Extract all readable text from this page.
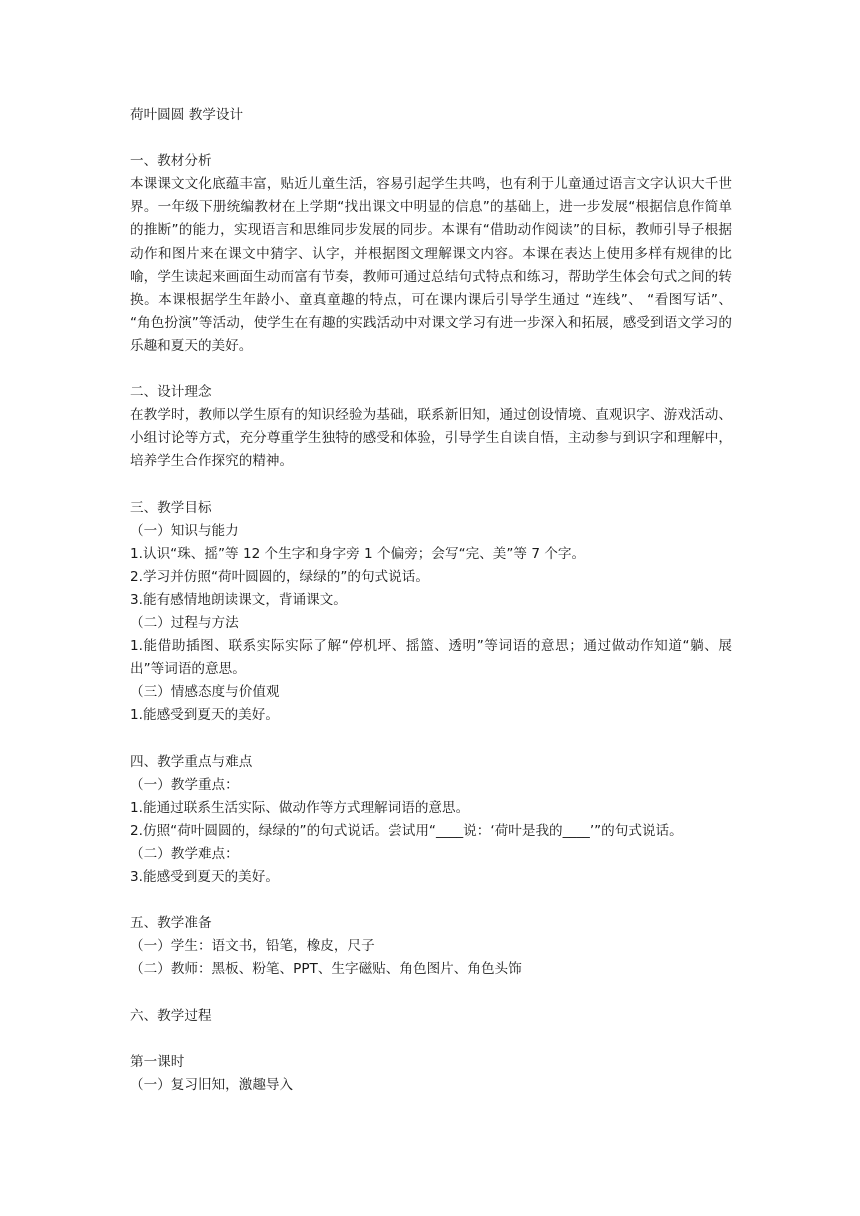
荷叶圆圆 教学设计
一、教材分析
本课课文文化底蕴丰富，贴近儿童生活，容易引起学生共鸣，也有利于儿童通过语言文字认识大千世界。一年级下册统编教材在上学期“找出课文中明显的信息”的基础上，进一步发展“根据信息作简单的推断”的能力，实现语言和思维同步发展的同步。本课有“借助动作阅读”的目标，教师引导子根据动作和图片来在课文中猜字、认字，并根据图文理解课文内容。本课在表达上使用多样有规律的比喻，学生读起来画面生动而富有节奏，教师可通过总结句式特点和练习，帮助学生体会句式之间的转换。本课根据学生年龄小、童真童趣的特点，可在课内课后引导学生通过 “连线”、 “看图写话”、 “角色扮演”等活动，使学生在有趣的实践活动中对课文学习有进一步深入和拓展，感受到语文学习的乐趣和夏天的美好。
二、设计理念
在教学时，教师以学生原有的知识经验为基础，联系新旧知，通过创设情境、直观识字、游戏活动、小组讨论等方式，充分尊重学生独特的感受和体验，引导学生自读自悟，主动参与到识字和理解中，培养学生合作探究的精神。
三、教学目标
（一）知识与能力
1.认识“珠、摇”等 12 个生字和身字旁 1 个偏旁；会写“完、美”等 7 个字。
2.学习并仿照“荷叶圆圆的，绿绿的”的句式说话。
3.能有感情地朗读课文，背诵课文。
（二）过程与方法
1.能借助插图、联系实际实际了解“停机坪、摇篮、透明”等词语的意思；通过做动作知道“躺、展出”等词语的意思。
（三）情感态度与价值观
1.能感受到夏天的美好。
四、教学重点与难点
（一）教学重点：
1.能通过联系生活实际、做动作等方式理解词语的意思。
2.仿照“荷叶圆圆的，绿绿的”的句式说话。尝试用“____说：‘荷叶是我的____’”的句式说话。
（二）教学难点：
3.能感受到夏天的美好。
五、教学准备
（一）学生：语文书，铅笔，橡皮，尺子
（二）教师：黑板、粉笔、PPT、生字磁贴、角色图片、角色头饰
六、教学过程
第一课时
（一）复习旧知，激趣导入
